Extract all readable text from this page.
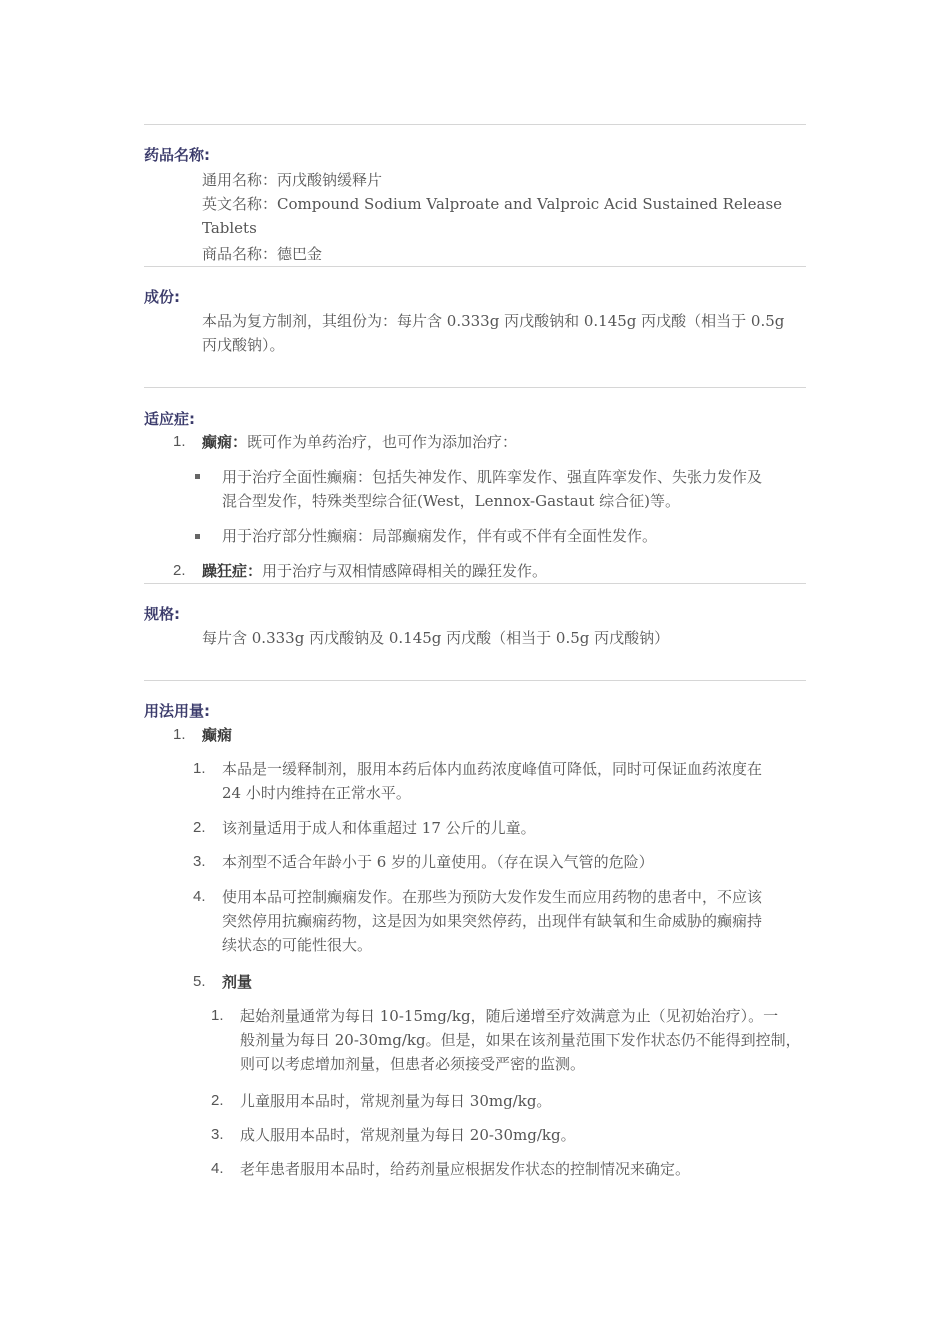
药品名称:
通用名称：丙戊酸钠缓释片
英文名称：Compound Sodium Valproate and Valproic Acid Sustained Release
Tablets
商品名称：德巴金
成份:
本品为复方制剂，其组份为：每片含 0.333g 丙戊酸钠和 0.145g 丙戊酸（相当于 0.5g
丙戊酸钠）。
适应症:
1. 癫痫：既可作为单药治疗，也可作为添加治疗：
用于治疗全面性癫痫：包括失神发作、肌阵挛发作、强直阵挛发作、失张力发作及
混合型发作，特殊类型综合征(West，Lennox-Gastaut 综合征)等。
用于治疗部分性癫痫：局部癫痫发作，伴有或不伴有全面性发作。
2. 躁狂症：用于治疗与双相情感障碍相关的躁狂发作。
规格:
每片含 0.333g 丙戊酸钠及 0.145g 丙戊酸（相当于 0.5g 丙戊酸钠）
用法用量:
1. 癫痫
1. 本品是一缓释制剂，服用本药后体内血药浓度峰值可降低，同时可保证血药浓度在
24 小时内维持在正常水平。
2. 该剂量适用于成人和体重超过 17 公斤的儿童。
3. 本剂型不适合年龄小于 6 岁的儿童使用。（存在误入气管的危险）
4. 使用本品可控制癫痫发作。在那些为预防大发作发生而应用药物的患者中，不应该
突然停用抗癫痫药物，这是因为如果突然停药，出现伴有缺氧和生命威胁的癫痫持
续状态的可能性很大。
5. 剂量
1. 起始剂量通常为每日 10-15mg/kg，随后递增至疗效满意为止（见初始治疗）。一
般剂量为每日 20-30mg/kg。但是，如果在该剂量范围下发作状态仍不能得到控制，
则可以考虑增加剂量，但患者必须接受严密的监测。
2. 儿童服用本品时，常规剂量为每日 30mg/kg。
3. 成人服用本品时，常规剂量为每日 20-30mg/kg。
4. 老年患者服用本品时，给药剂量应根据发作状态的控制情况来确定。
